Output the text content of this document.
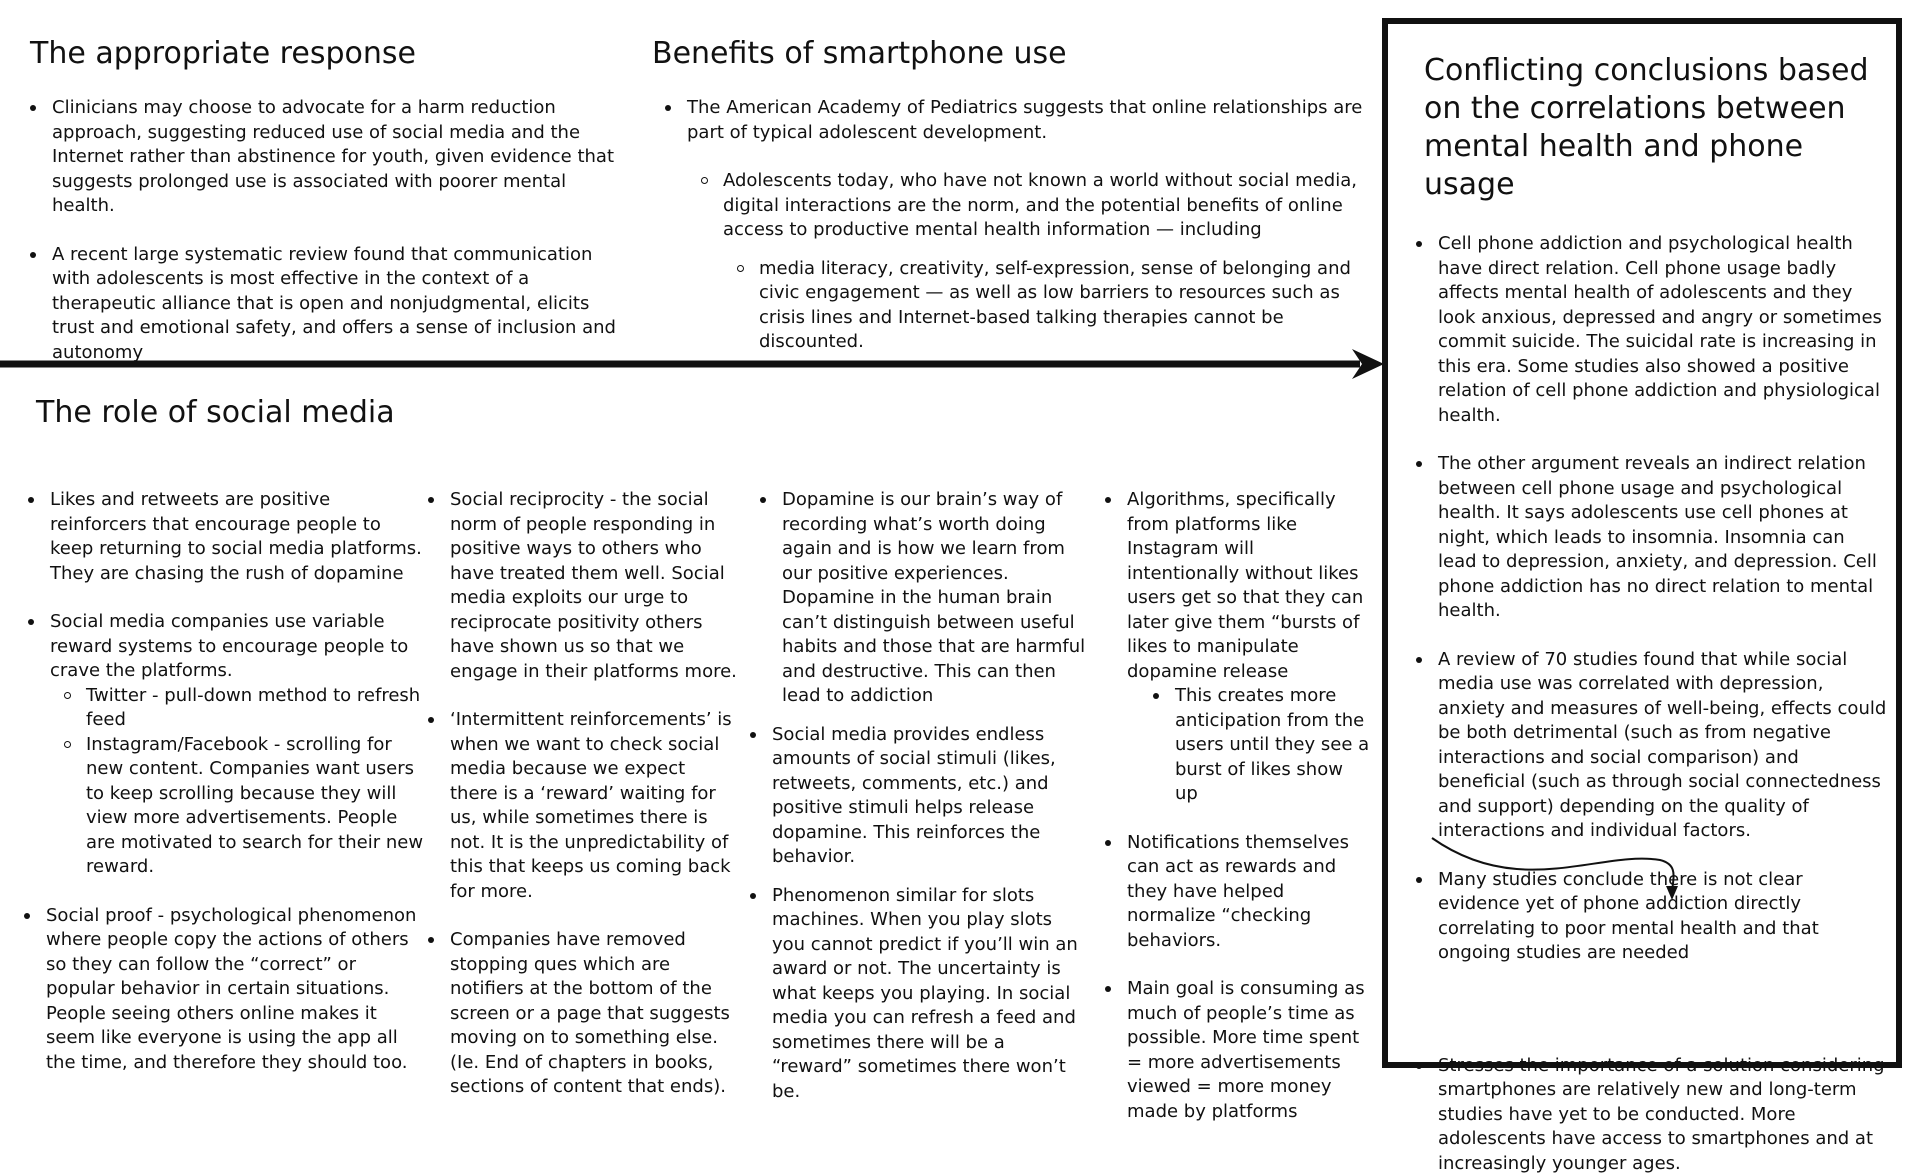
The appropriate response
Clinicians may choose to advocate for a harm reduction approach, suggesting reduced use of social media and the Internet rather than abstinence for youth, given evidence that suggests prolonged use is associated with poorer mental health.
A recent large systematic review found that communication with adolescents is most effective in the context of a therapeutic alliance that is open and nonjudgmental, elicits trust and emotional safety, and offers a sense of inclusion and autonomy
Benefits of smartphone use
The American Academy of Pediatrics suggests that online relationships are part of typical adolescent development.
Adolescents today, who have not known a world without social media, digital interactions are the norm, and the potential benefits of online access to productive mental health information — including
media literacy, creativity, self-expression, sense of belonging and civic engagement — as well as low barriers to resources such as crisis lines and Internet-based talking therapies cannot be discounted.
The role of social media
Likes and retweets are positive reinforcers that encourage people to keep returning to social media platforms. They are chasing the rush of dopamine
Social media companies use variable reward systems to encourage people to crave the platforms.
Twitter - pull-down method to refresh feed
Instagram/Facebook - scrolling for new content. Companies want users to keep scrolling because they will view more advertisements. People are motivated to search for their new reward.
Social proof - psychological phenomenon where people copy the actions of others so they can follow the “correct” or popular behavior in certain situations. People seeing others online makes it seem like everyone is using the app all the time, and therefore they should too.
Social reciprocity - the social norm of people responding in positive ways to others who have treated them well. Social media exploits our urge to reciprocate positivity others have shown us so that we engage in their platforms more.
‘Intermittent reinforcements’ is when we want to check social media because we expect there is a ‘reward’ waiting for us, while sometimes there is not. It is the unpredictability of this that keeps us coming back for more.
Companies have removed stopping ques which are notifiers at the bottom of the screen or a page that suggests moving on to something else. (Ie. End of chapters in books, sections of content that ends).
Dopamine is our brain’s way of recording what’s worth doing again and is how we learn from our positive experiences. Dopamine in the human brain can’t distinguish between useful habits and those that are harmful and destructive. This can then lead to addiction
Social media provides endless amounts of social stimuli (likes, retweets, comments, etc.) and positive stimuli helps release dopamine. This reinforces the behavior.
Phenomenon similar for slots machines. When you play slots you cannot predict if you’ll win an award or not. The uncertainty is what keeps you playing. In social media you can refresh a feed and sometimes there will be a “reward” sometimes there won’t be.
Algorithms, specifically from platforms like Instagram will intentionally without likes users get so that they can later give them “bursts of likes to manipulate dopamine release
This creates more anticipation from the users until they see a burst of likes show up
Notifications themselves can act as rewards and they have helped normalize “checking behaviors.
Main goal is consuming as much of people’s time as possible. More time spent = more advertisements viewed = more money made by platforms
Conflicting conclusions based on the correlations between mental health and phone usage
Cell phone addiction and psychological health have direct relation. Cell phone usage badly affects mental health of adolescents and they look anxious, depressed and angry or sometimes commit suicide. The suicidal rate is increasing in this era. Some studies also showed a positive relation of cell phone addiction and physiological health.
The other argument reveals an indirect relation between cell phone usage and psychological health. It says adolescents use cell phones at night, which leads to insomnia. Insomnia can lead to depression, anxiety, and depression. Cell phone addiction has no direct relation to mental health.
A review of 70 studies found that while social media use was correlated with depression, anxiety and measures of well-being, effects could be both detrimental (such as from negative interactions and social comparison) and beneficial (such as through social connectedness and support) depending on the quality of interactions and individual factors.
Many studies conclude there is not clear evidence yet of phone addiction directly correlating to poor mental health and that ongoing studies are needed
Stresses the importance of a solution considering smartphones are relatively new and long-term studies have yet to be conducted. More adolescents have access to smartphones and at increasingly younger ages.
